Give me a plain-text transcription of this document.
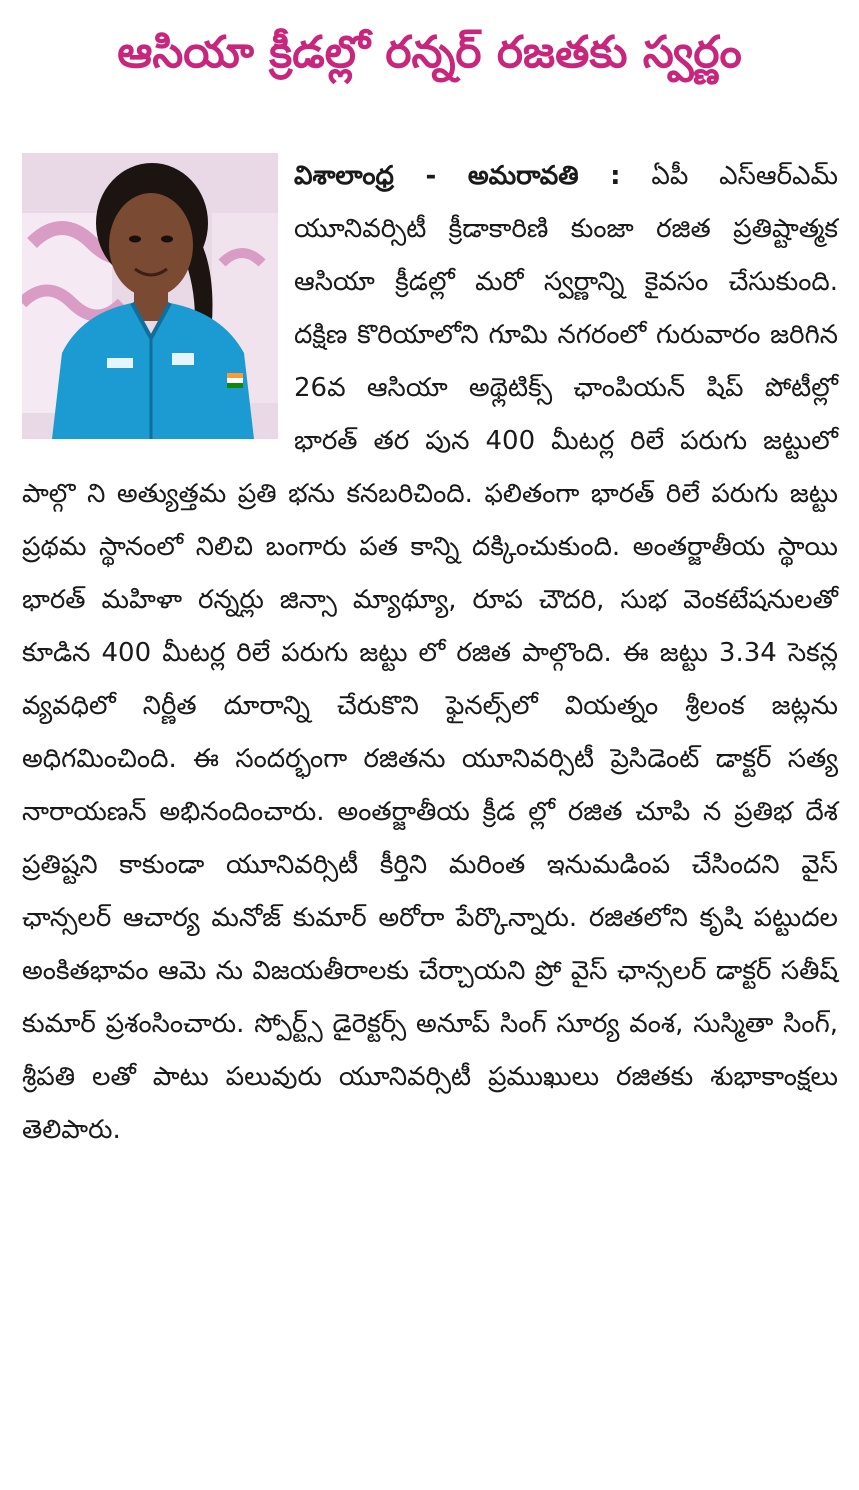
ఆసియా క్రీడల్లో రన్నర్ రజతకు స్వర్ణం

విశాలాంధ్ర - అమరావతి : ఏపీ ఎస్ఆర్ఎమ్ యూనివర్సిటీ క్రీడాకారిణి కుంజా రజిత ప్రతిష్టాత్మక ఆసియా క్రీడల్లో మరో స్వర్ణాన్ని కైవసం చేసుకుంది. దక్షిణ కొరియాలోని గూమి నగరంలో గురువారం జరిగిన 26వ ఆసియా అథ్లెటిక్స్ ఛాంపియన్ షిప్ పోటీల్లో భారత్ తర పున 400 మీటర్ల రిలే పరుగు జట్టులో పాల్గొ ని అత్యుత్తమ ప్రతి భను కనబరిచింది. ఫలితంగా భారత్ రిలే పరుగు జట్టు ప్రథమ స్థానంలో నిలిచి బంగారు పత కాన్ని దక్కించుకుంది. అంతర్జాతీయ స్థాయి భారత్ మహిళా రన్నర్లు జిన్సా మ్యాథ్యూ, రూప చౌదరి, సుభ వెంకటేషనులతో కూడిన 400 మీటర్ల రిలే పరుగు జట్టు లో రజిత పాల్గొంది. ఈ జట్టు 3.34 సెకన్ల వ్యవధిలో నిర్ణీత దూరాన్ని చేరుకొని ఫైనల్స్‌లో వియత్నం శ్రీలంక జట్లను అధిగమించింది. ఈ సందర్భంగా రజితను యూనివర్సిటీ ప్రెసిడెంట్ డాక్టర్ సత్య నారాయణన్ అభినందించారు. అంతర్జాతీయ క్రీడ ల్లో రజిత చూపి న ప్రతిభ దేశ ప్రతిష్టని కాకుండా యూనివర్సిటీ కీర్తిని మరింత ఇనుమడింప చేసిందని వైస్ ఛాన్సలర్ ఆచార్య మనోజ్ కుమార్ అరోరా పేర్కొన్నారు. రజితలోని కృషి పట్టుదల అంకితభావం ఆమె ను విజయతీరాలకు చేర్చాయని ప్రో వైస్ ఛాన్సలర్ డాక్టర్ సతీష్ కుమార్ ప్రశంసించారు. స్పోర్ట్స్ డైరెక్టర్స్ అనూప్ సింగ్ సూర్య వంశ, సుస్మితా సింగ్, శ్రీపతి లతో పాటు పలువురు యూనివర్సిటీ ప్రముఖులు రజితకు శుభాకాంక్షలు తెలిపారు.
